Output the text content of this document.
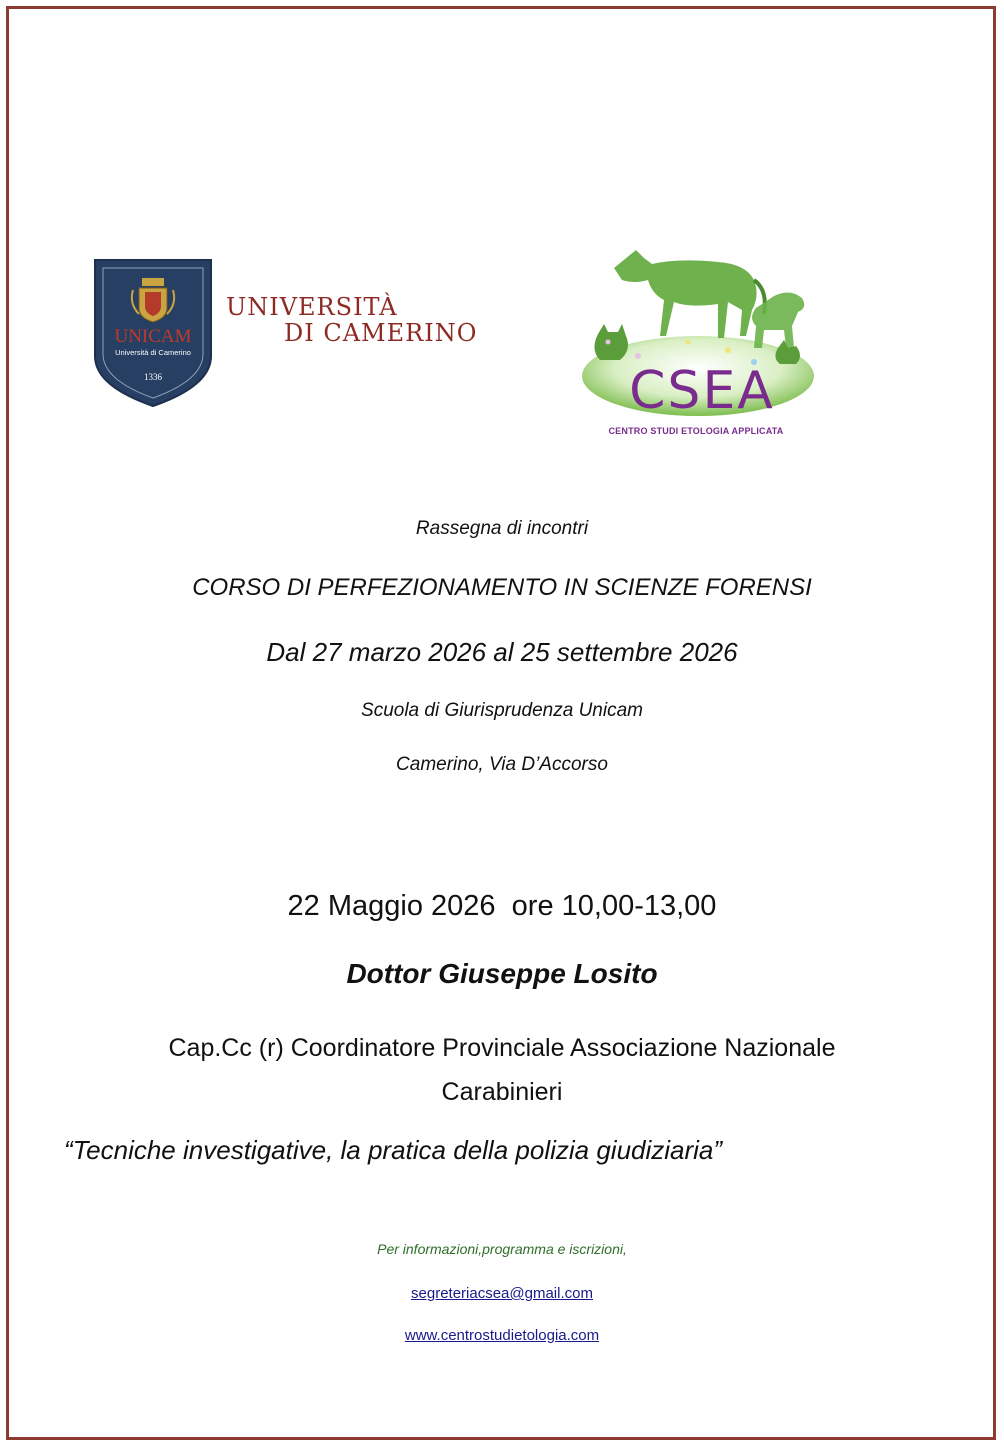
UNICAM
Università di Camerino
1336
UNIVERSITÀ
DI CAMERINO
CSEA
CENTRO STUDI ETOLOGIA APPLICATA
Rassegna di incontri
CORSO DI PERFEZIONAMENTO IN SCIENZE FORENSI
Dal 27 marzo 2026 al 25 settembre 2026
Scuola di Giurisprudenza Unicam
Camerino, Via D’Accorso
22 Maggio 2026  ore 10,00-13,00
Dottor Giuseppe Losito
Cap.Cc (r) Coordinatore Provinciale Associazione Nazionale
Carabinieri
“Tecniche investigative, la pratica della polizia giudiziaria”
Per informazioni,programma e iscrizioni,
segreteriacsea@gmail.com
www.centrostudietologia.com
